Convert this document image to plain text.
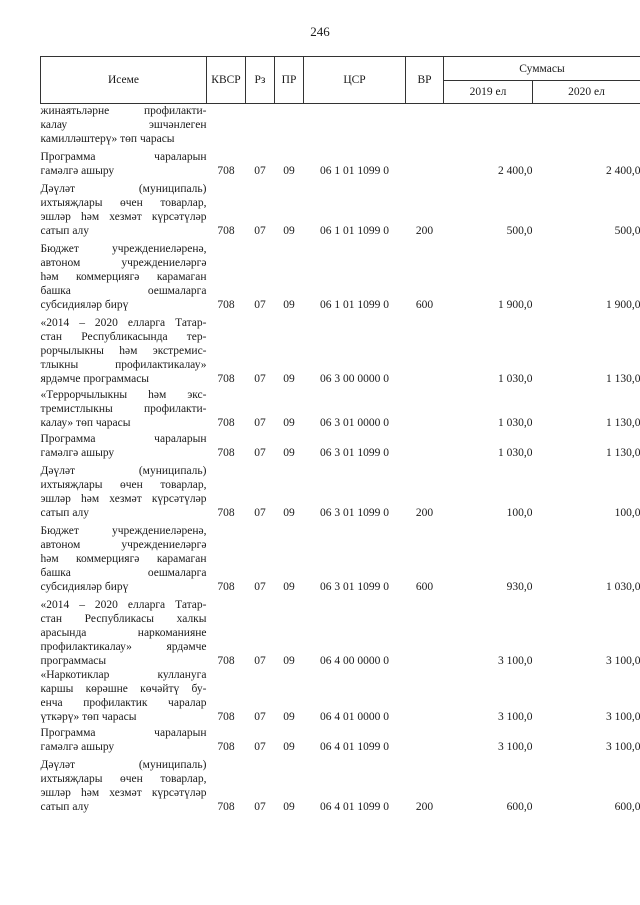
246
Исеме	КВСР	Рз	ПР	ЦСР	ВР	Суммасы	
						2019 ел	2020 ел

жинаятьләрне профилакти-
калау эшчәнлеген
камилләштерү» төп чарасы							

Программа чараларын
гамәлгә ашыру	708	07	09	06 1 01 1099 0		2 400,0	2 400,0

Дәүләт (муниципаль)
ихтыяҗлары өчен товарлар,
эшләр һәм хезмәт күрсәтүләр
сатып алу	708	07	09	06 1 01 1099 0	200	500,0	500,0

Бюджет учреждениеләренә,
автоном учреждениеләргә
һәм коммерциягә карамаган
башка оешмаларга
субсидияләр бирү	708	07	09	06 1 01 1099 0	600	1 900,0	1 900,0

«2014 – 2020 елларга Татар-
стан Республикасында тер-
рорчылыкны һәм экстремис-
тлыкны профилактикалау»
ярдәмче программасы	708	07	09	06 3 00 0000 0		1 030,0	1 130,0

«Террорчылыкны һәм экс-
тремистлыкны профилакти-
калау» төп чарасы	708	07	09	06 3 01 0000 0		1 030,0	1 130,0

Программа чараларын
гамәлгә ашыру	708	07	09	06 3 01 1099 0		1 030,0	1 130,0

Дәүләт (муниципаль)
ихтыяҗлары өчен товарлар,
эшләр һәм хезмәт күрсәтүләр
сатып алу	708	07	09	06 3 01 1099 0	200	100,0	100,0

Бюджет учреждениеләренә,
автоном учреждениеләргә
һәм коммерциягә карамаган
башка оешмаларга
субсидияләр бирү	708	07	09	06 3 01 1099 0	600	930,0	1 030,0

«2014 – 2020 елларга Татар-
стан Республикасы халкы
арасында наркоманияне
профилактикалау» ярдәмче
программасы	708	07	09	06 4 00 0000 0		3 100,0	3 100,0

«Наркотиклар куллануга
каршы көрәшне көчәйтү бу-
енча профилактик чаралар
үткәрү» төп чарасы	708	07	09	06 4 01 0000 0		3 100,0	3 100,0

Программа чараларын
гамәлгә ашыру	708	07	09	06 4 01 1099 0		3 100,0	3 100,0

Дәүләт (муниципаль)
ихтыяҗлары өчен товарлар,
эшләр һәм хезмәт күрсәтүләр
сатып алу	708	07	09	06 4 01 1099 0	200	600,0	600,0
